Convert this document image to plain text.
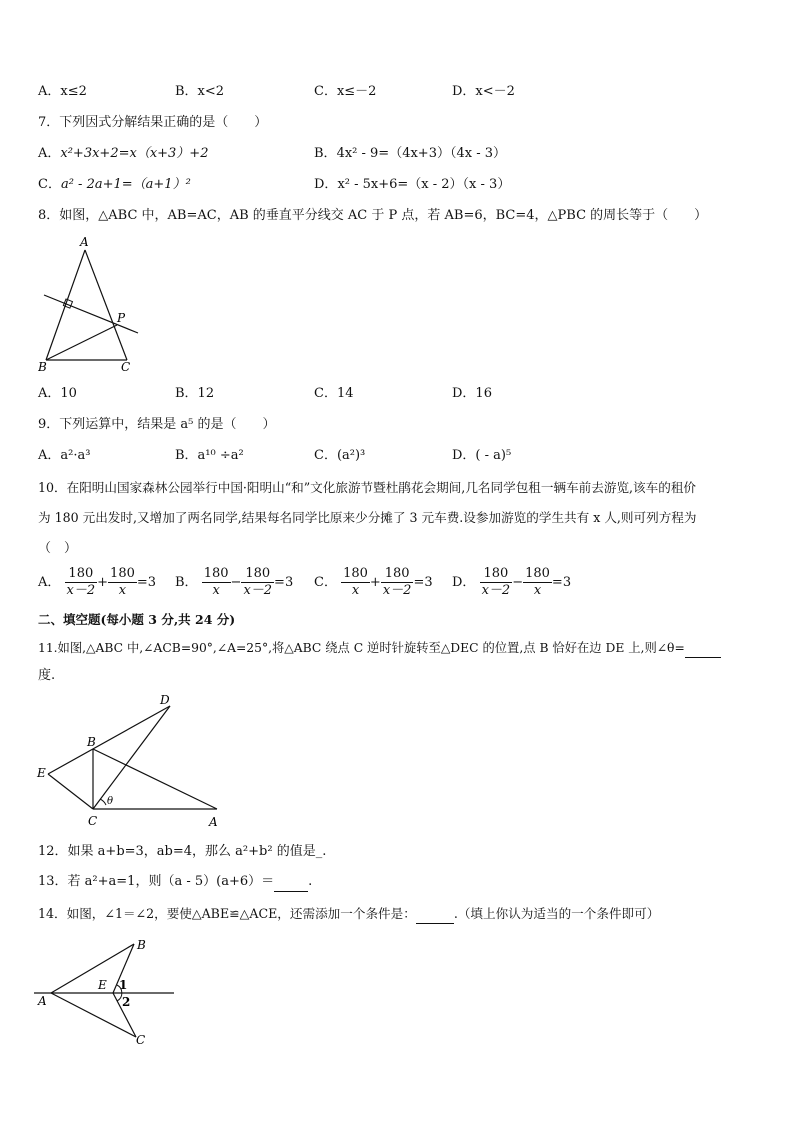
A．x≤2	B．x<2	C．x≤－2	D．x<－2
7．下列因式分解结果正确的是（　　）
A．x²+3x+2=x（x+3）+2	B．4x² - 9=（4x+3）（4x - 3）
C．a² - 2a+1=（a+1）²	D．x² - 5x+6=（x - 2）（x - 3）
8．如图，△ABC 中，AB=AC，AB 的垂直平分线交 AC 于 P 点，若 AB=6，BC=4，△PBC 的周长等于（　　）
A
B	C
P
A．10	B．12	C．14	D．16
9．下列运算中，结果是 a⁵ 的是（　　）
A．a²·a³	B．a¹⁰ ÷a²	C．(a²)³	D．( - a)⁵
10．在阳明山国家森林公园举行中国·阳明山“和”文化旅游节暨杜鹃花会期间,几名同学包租一辆车前去游览,该车的租价
为 180 元出发时,又增加了两名同学,结果每名同学比原来少分摊了 3 元车费.设参加游览的学生共有 x 人,则可列方程为
（　）
A． $\frac{180}{x-2} + \frac{180}{x} =3$ B． $\frac{180}{x} - \frac{180}{x-2} =3$ C． $\frac{180}{x} + \frac{180}{x-2} =3$ D． $\frac{180}{x-2} - \frac{180}{x} =3$
二、填空题(每小题 3 分,共 24 分)
11.如图,△ABC 中,∠ACB=90°,∠A=25°,将△ABC 绕点 C 逆时针旋转至△DEC 的位置,点 B 恰好在边 DE 上,则∠θ=
度.
D
B
E
C	A
θ
12．如果 a+b=3，ab=4，那么 a²+b² 的值是_.
13．若 a²+a=1，则（a - 5）(a+6）＝	.
14．如图，∠1＝∠2，要使△ABE≌△ACE，还需添加一个条件是：	.（填上你认为适当的一个条件即可）
B
A
E 1
2
C
